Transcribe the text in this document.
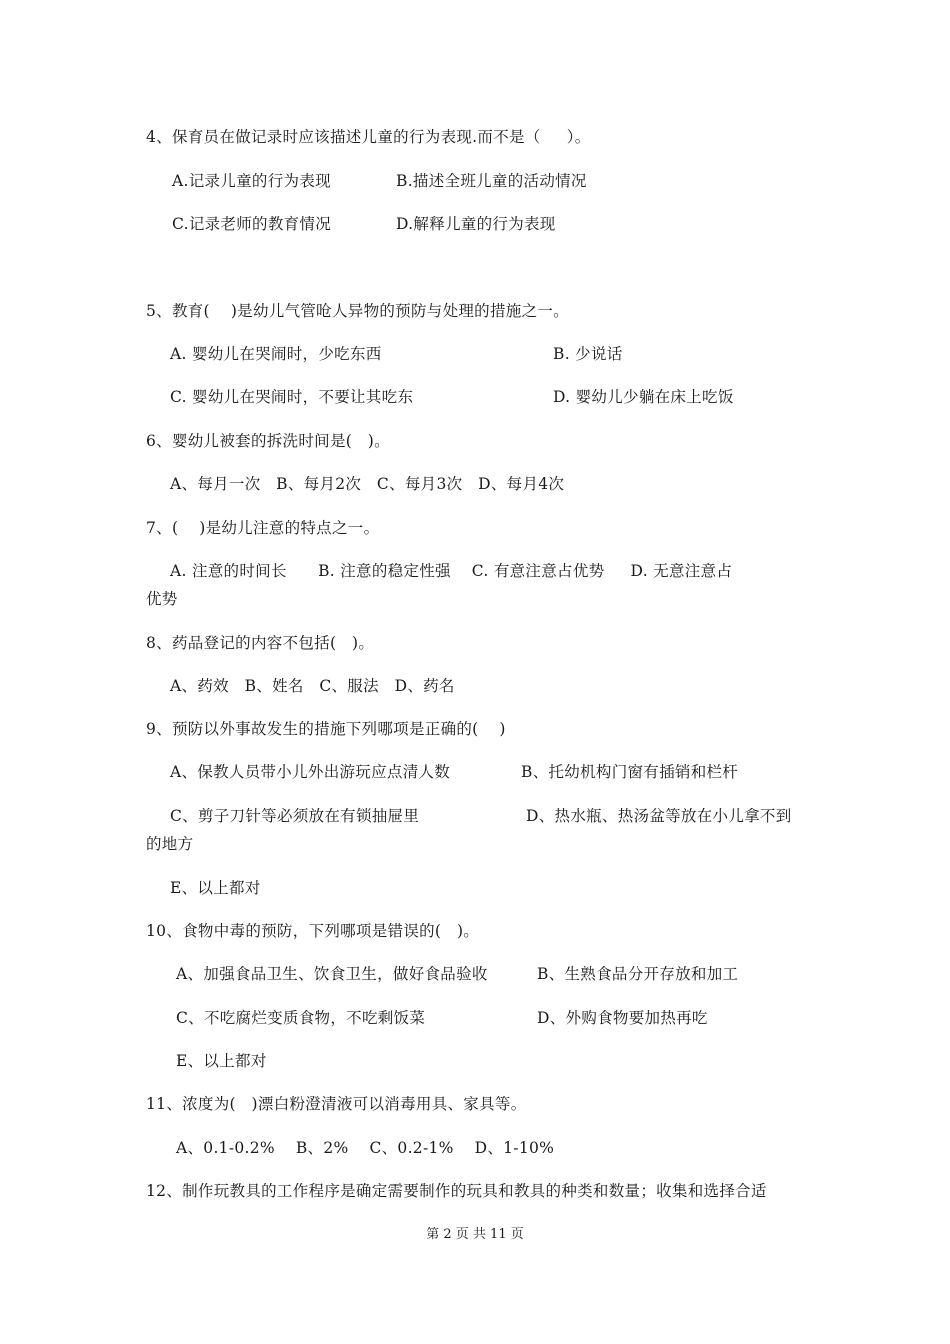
4、保育员在做记录时应该描述儿童的行为表现.而不是（     ）。
A.记录儿童的行为表现	B.描述全班儿童的活动情况
C.记录老师的教育情况	D.解释儿童的行为表现
5、教育(    )是幼儿气管呛人异物的预防与处理的措施之一。
A. 婴幼儿在哭闹时，少吃东西	B. 少说话
C. 婴幼儿在哭闹时，不要让其吃东	D. 婴幼儿少躺在床上吃饭
6、婴幼儿被套的拆洗时间是(   )。
A、每月一次   B、每月2次   C、每月3次   D、每月4次
7、(    )是幼儿注意的特点之一。
A. 注意的时间长      B. 注意的稳定性强    C. 有意注意占优势     D. 无意注意占
优势
8、药品登记的内容不包括(   )。
A、药效   B、姓名   C、服法   D、药名
9、预防以外事故发生的措施下列哪项是正确的(    )
A、保教人员带小儿外出游玩应点清人数	B、托幼机构门窗有插销和栏杆
C、剪子刀针等必须放在有锁抽屉里	D、热水瓶、热汤盆等放在小儿拿不到
的地方
E、以上都对
10、食物中毒的预防，下列哪项是错误的(   )。
A、加强食品卫生、饮食卫生，做好食品验收	B、生熟食品分开存放和加工
C、不吃腐烂变质食物，不吃剩饭菜	D、外购食物要加热再吃
E、以上都对
11、浓度为(   )漂白粉澄清液可以消毒用具、家具等。
A、0.1-0.2%    B、2%    C、0.2-1%    D、1-10%
12、制作玩教具的工作程序是确定需要制作的玩具和教具的种类和数量；收集和选择合适
第 2 页 共 11 页
